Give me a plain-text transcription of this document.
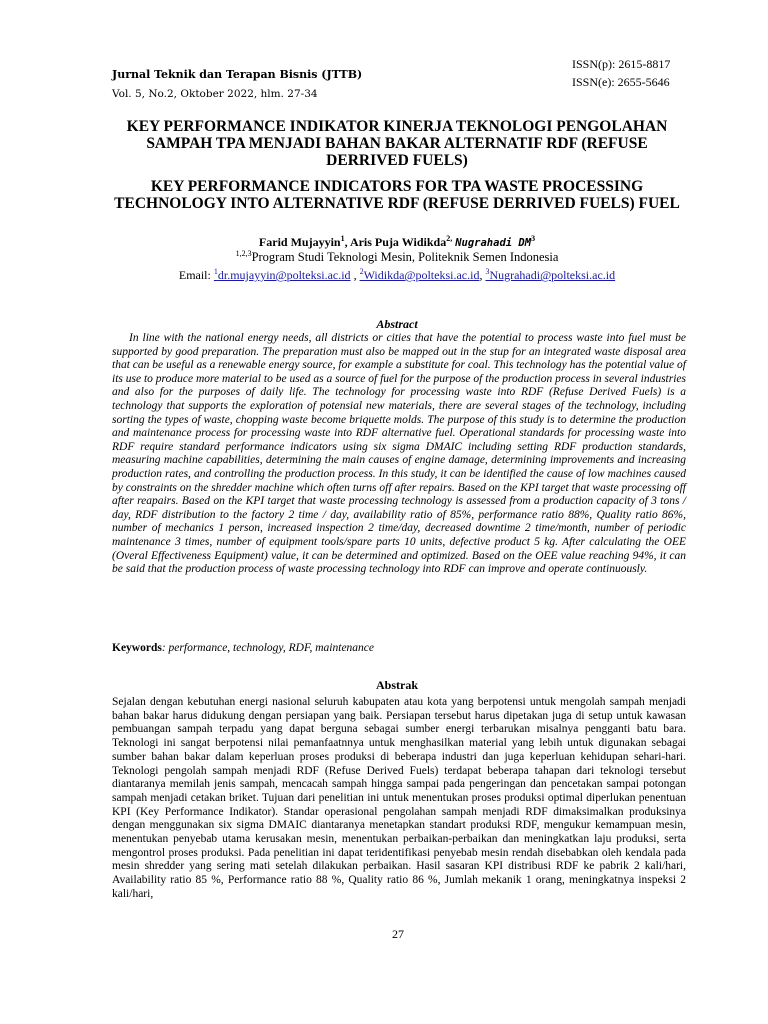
Jurnal Teknik dan Terapan Bisnis (JTTB)
Vol. 5, No.2, Oktober 2022, hlm. 27-34
ISSN(p): 2615-8817
ISSN(e): 2655-5646
KEY PERFORMANCE INDIKATOR KINERJA TEKNOLOGI PENGOLAHAN SAMPAH TPA MENJADI BAHAN BAKAR ALTERNATIF RDF (REFUSE DERRIVED FUELS)
KEY PERFORMANCE INDICATORS FOR TPA WASTE PROCESSING TECHNOLOGY INTO ALTERNATIVE RDF (REFUSE DERRIVED FUELS) FUEL
Farid Mujayyin$^1$, Aris Puja Widikda$^{2,}$ Nugrahadi $DM^3$
$^{1,2,3}$Program Studi Teknologi Mesin, Politeknik Semen Indonesia
Email: $^1$dr.mujayyin@polteksi.ac.id , $^2$Widikda@polteksi.ac.id, $^3$Nugrahadi@polteksi.ac.id
Abstract

In line with the national energy needs, all districts or cities that have the potential to process waste into fuel must be supported by good preparation. The preparation must also be mapped out in the stup for an integrated waste disposal area that can be useful as a renewable energy source, for example a substitute for coal. This technology has the potential value of its use to produce more material to be used as a source of fuel for the purpose of the production process in several industries and also for the purposes of daily life. The technology for processing waste into RDF (Refuse Derived Fuels) is a technology that supports the exploration of potensial new materials, there are several stages of the technology, including sorting the types of waste, chopping waste become briquette molds. The purpose of this study is to determine the production and maintenance process for processing waste into RDF alternative fuel. Operational standards for processing waste into RDF require standard performance indicators using six sigma DMAIC including setting RDF production standards, measuring machine capabilities, determining the main causes of engine damage, determining improvements and increasing production rates, and controlling the production process. In this study, it can be identified the cause of low machines caused by constraints on the shredder machine which often turns off after repairs. Based on the KPI target that waste processing off after reapairs. Based on the KPI target that waste processing technology is assessed from a production capacity of 3 tons / day, RDF distribution to the factory 2 time / day, availability ratio of 85%, performance ratio 88%, Quality ratio 86%, number of mechanics 1 person, increased inspection 2 time/day, decreased downtime 2 time/month, number of periodic maintenance 3 times, number of equipment tools/spare parts 10 units, defective product 5 kg. After calculating the OEE (Overal Effectiveness Equipment) value, it can be determined and optimized. Based on the OEE value reaching 94%, it can be said that the production process of waste processing technology into RDF can improve and operate continuously.

Keywords: performance, technology, RDF, maintenance
Abstrak

Sejalan dengan kebutuhan energi nasional seluruh kabupaten atau kota yang berpotensi untuk mengolah sampah menjadi bahan bakar harus didukung dengan persiapan yang baik. Persiapan tersebut harus dipetakan juga di setup untuk kawasan pembuangan sampah terpadu yang dapat berguna sebagai sumber energi terbarukan misalnya pengganti batu bara. Teknologi ini sangat berpotensi nilai pemanfaatnnya untuk menghasilkan material yang lebih untuk digunakan sebagai sumber bahan bakar dalam keperluan proses produksi di beberapa industri dan juga keperluan kehidupan sehari-hari. Teknologi pengolah sampah menjadi RDF (Refuse Derived Fuels) terdapat beberapa tahapan dari teknologi tersebut diantaranya memilah jenis sampah, mencacah sampah hingga sampai pada pengeringan dan pencetakan sampai potongan sampah menjadi cetakan briket. Tujuan dari penelitian ini untuk menentukan proses produksi optimal diperlukan penentuan KPI (Key Performance Indikator). Standar operasional pengolahan sampah menjadi RDF dimaksimalkan produksinya dengan menggunakan six sigma DMAIC diantaranya menetapkan standart produksi RDF, mengukur kemampuan mesin, menentukan penyebab utama kerusakan mesin, menentukan perbaikan-perbaikan dan meningkatkan laju produksi, serta mengontrol proses produksi. Pada penelitian ini dapat teridentifikasi penyebab mesin rendah disebabkan oleh kendala pada mesin shredder yang sering mati setelah dilakukan perbaikan. Hasil sasaran KPI distribusi RDF ke pabrik 2 kali/hari, Availability ratio 85 %, Performance ratio 88 %, Quality ratio 86 %, Jumlah mekanik 1 orang, meningkatnya inspeksi 2 kali/hari,

27
